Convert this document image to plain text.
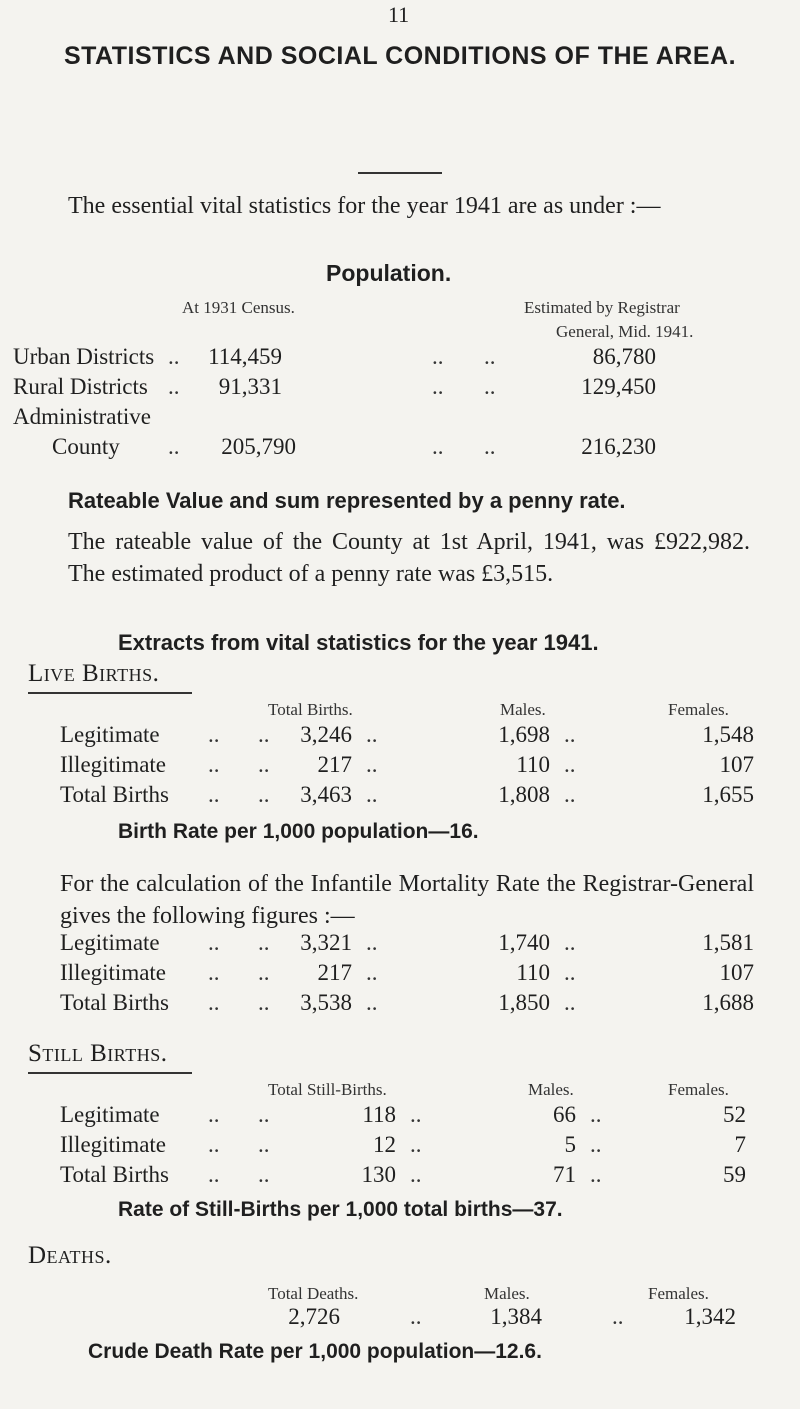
11
STATISTICS AND SOCIAL CONDITIONS OF THE AREA.
The essential vital statistics for the year 1941 are as under :—
Population.
At 1931 Census.	Estimated by Registrar
General, Mid. 1941.
Urban Districts ..	114,459	.. ..	86,780
Rural Districts ..	91,331	.. ..	129,450
Administrative
County ..	205,790	.. ..	216,230
Rateable Value and sum represented by a penny rate.
The rateable value of the County at 1st April, 1941, was £922,982. The estimated product of a penny rate was £3,515.
Extracts from vital statistics for the year 1941.
Live Births.
Total Births.	Males.	Females.
Legitimate .. ..	3,246 ..	1,698 ..	1,548
Illegitimate .. ..	217 ..	110 ..	107
Total Births .. ..	3,463 ..	1,808 ..	1,655
Birth Rate per 1,000 population—16.
For the calculation of the Infantile Mortality Rate the Registrar-General gives the following figures :—
Legitimate .. ..	3,321 ..	1,740 ..	1,581
Illegitimate .. ..	217 ..	110 ..	107
Total Births .. ..	3,538 ..	1,850 ..	1,688
Still Births.
Total Still-Births.	Males.	Females.
Legitimate .. ..	118 ..	66 ..	52
Illegitimate .. ..	12 ..	5 ..	7
Total Births .. ..	130 ..	71 ..	59
Rate of Still-Births per 1,000 total births—37.
Deaths.
Total Deaths.	Males.	Females.
2,726	..	1,384	..	1,342
Crude Death Rate per 1,000 population—12.6.
